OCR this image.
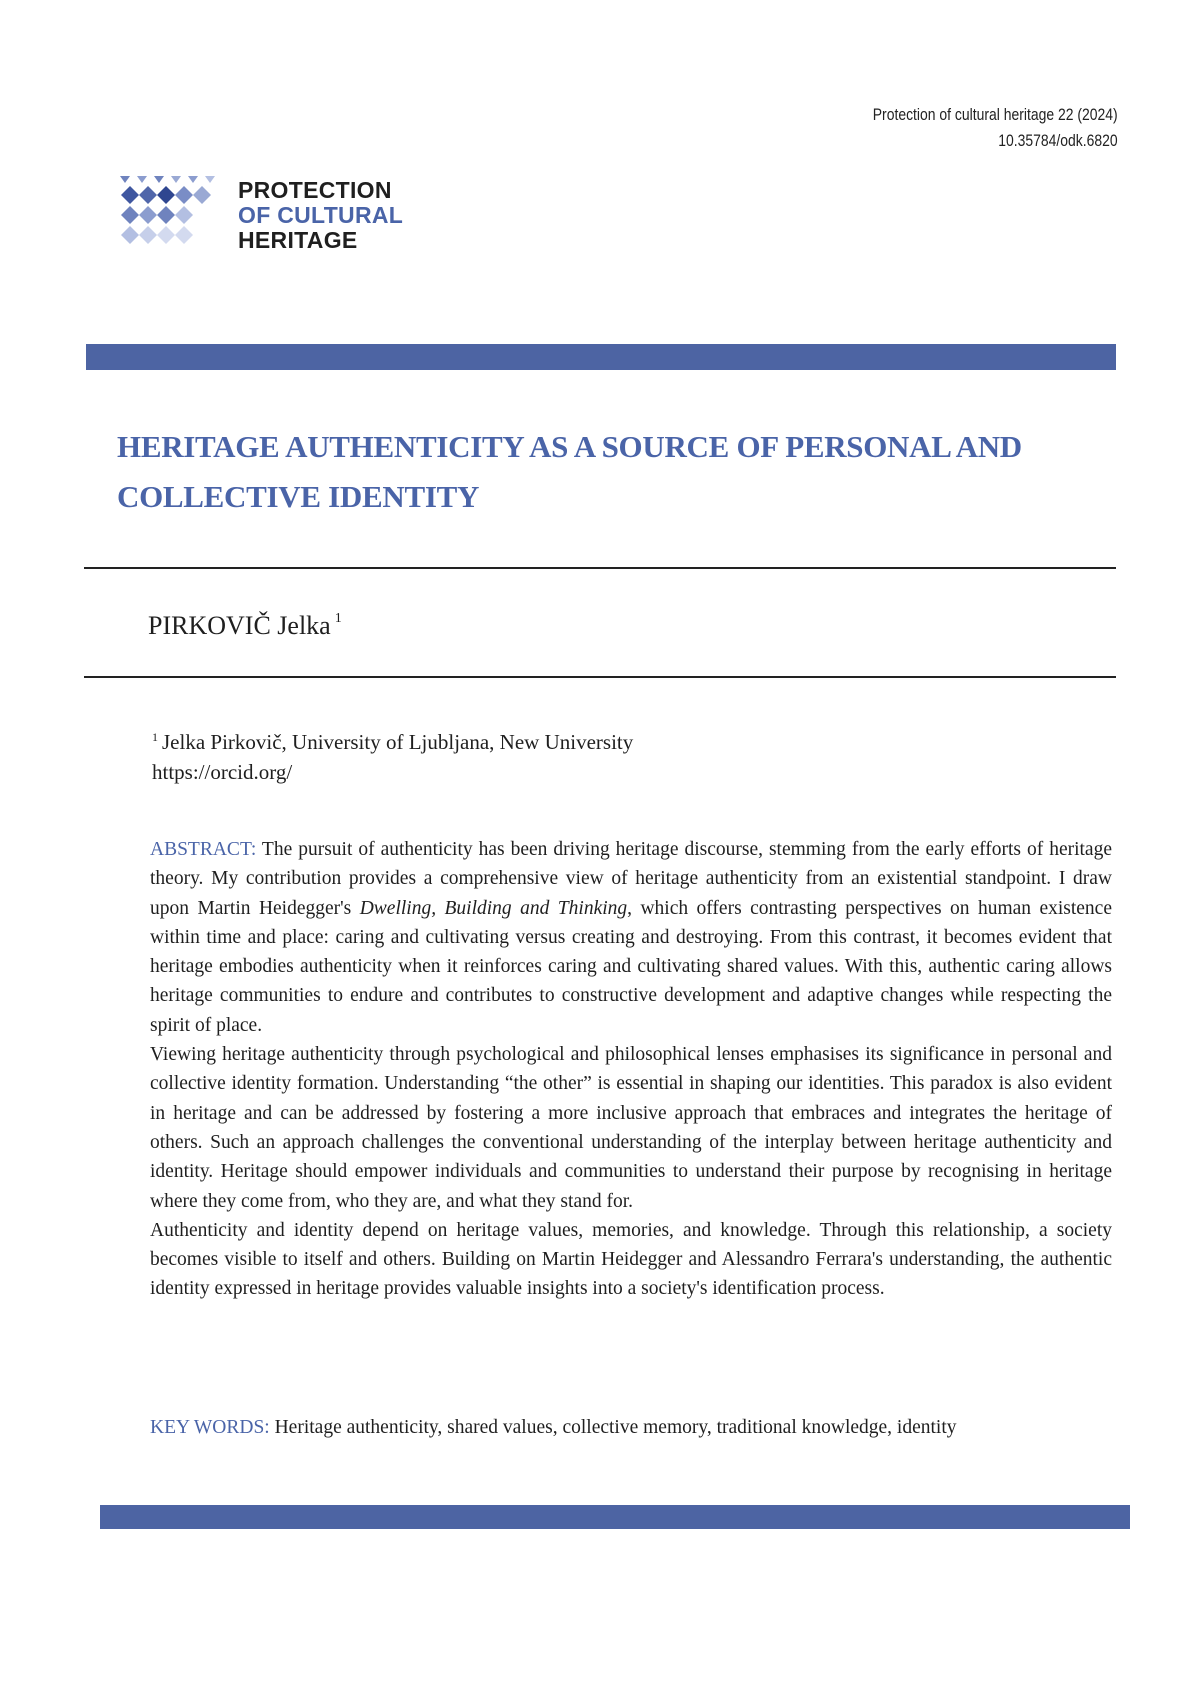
Protection of cultural heritage 22 (2024)
10.35784/odk.6820
PROTECTION
OF CULTURAL
HERITAGE
HERITAGE AUTHENTICITY AS A SOURCE OF PERSONAL AND COLLECTIVE IDENTITY
PIRKOVIČ Jelka $^1$
$^1$ Jelka Pirkovič, University of Ljubljana, New University
https://orcid.org/

ABSTRACT: The pursuit of authenticity has been driving heritage discourse, stemming from the early efforts of heritage theory. My contribution provides a comprehensive view of heritage authenticity from an existential standpoint. I draw upon Martin Heidegger's Dwelling, Building and Thinking, which offers contrasting perspectives on human existence within time and place: caring and cultivating versus creating and destroying. From this contrast, it becomes evident that heritage embodies authenticity when it reinforces caring and cultivating shared values. With this, authentic caring allows heritage communities to endure and contributes to constructive development and adaptive changes while respecting the spirit of place.

Viewing heritage authenticity through psychological and philosophical lenses emphasises its significance in personal and collective identity formation. Understanding “the other” is essential in shaping our identities. This paradox is also evident in heritage and can be addressed by fostering a more inclusive approach that embraces and integrates the heritage of others. Such an approach challenges the conventional understanding of the interplay between heritage authenticity and identity. Heritage should empower individuals and communities to understand their purpose by recognising in heritage where they come from, who they are, and what they stand for.

Authenticity and identity depend on heritage values, memories, and knowledge. Through this relationship, a society becomes visible to itself and others. Building on Martin Heidegger and Alessandro Ferrara's understanding, the authentic identity expressed in heritage provides valuable insights into a society's identification process.

KEY WORDS: Heritage authenticity, shared values, collective memory, traditional knowledge, identity
